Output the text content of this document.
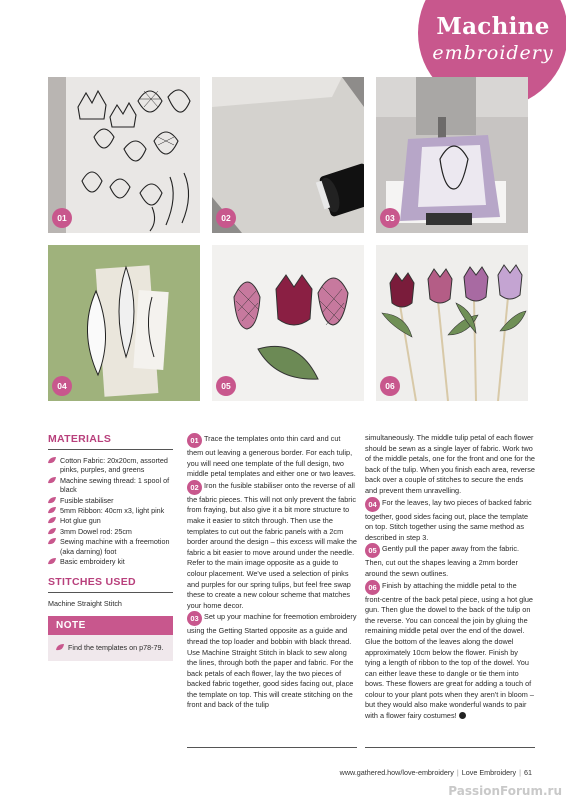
Machine
embroidery
01	02	03
04	05	06
MATERIALS
Cotton Fabric: 20x20cm, assorted pinks, purples, and greens
Machine sewing thread: 1 spool of black
Fusible stabiliser
5mm Ribbon: 40cm x3, light pink
Hot glue gun
3mm Dowel rod: 25cm
Sewing machine with a freemotion (aka darning) foot
Basic embroidery kit
STITCHES USED
Machine Straight Stitch
NOTE
Find the templates on p78-79.

01 Trace the templates onto thin card and cut them out leaving a generous border. For each tulip, you will need one template of the full design, two middle petal templates and either one or two leaves.

02 Iron the fusible stabiliser onto the reverse of all the fabric pieces. This will not only prevent the fabric from fraying, but also give it a bit more structure to make it easier to stitch through. Then use the templates to cut out the fabric panels with a 2cm border around the design – this excess will make the fabric a bit easier to move around under the needle. Refer to the main image opposite as a guide to colour placement. We've used a selection of pinks and purples for our spring tulips, but feel free swap these to create a new colour scheme that matches your home decor.

03 Set up your machine for freemotion embroidery using the Getting Started opposite as a guide and thread the top loader and bobbin with black thread. Use Machine Straight Stitch in black to sew along the lines, through both the paper and fabric. For the back petals of each flower, lay the two pieces of backed fabric together, good sides facing out, place the template on top. This will create stitching on the front and back of the tulip

simultaneously. The middle tulip petal of each flower should be sewn as a single layer of fabric. Work two of the middle petals, one for the front and one for the back of the tulip. When you finish each area, reverse back over a couple of stitches to secure the ends and prevent them unravelling.

04 For the leaves, lay two pieces of backed fabric together, good sides facing out, place the template on top. Stitch together using the same method as described in step 3.

05 Gently pull the paper away from the fabric. Then, cut out the shapes leaving a 2mm border around the sewn outlines.

06 Finish by attaching the middle petal to the front-centre of the back petal piece, using a hot glue gun. Then glue the dowel to the back of the tulip on the reverse. You can conceal the join by gluing the remaining middle petal over the end of the dowel. Glue the bottom of the leaves along the dowel approximately 10cm below the flower. Finish by tying a length of ribbon to the top of the dowel. You can either leave these to dangle or tie them into bows. These flowers are great for adding a touch of colour to your plant pots when they aren't in bloom – but they would also make wonderful wands to pair with a flower fairy costumes!

www.gathered.how/love-embroidery | Love Embroidery | 61
PassionForum.ru
